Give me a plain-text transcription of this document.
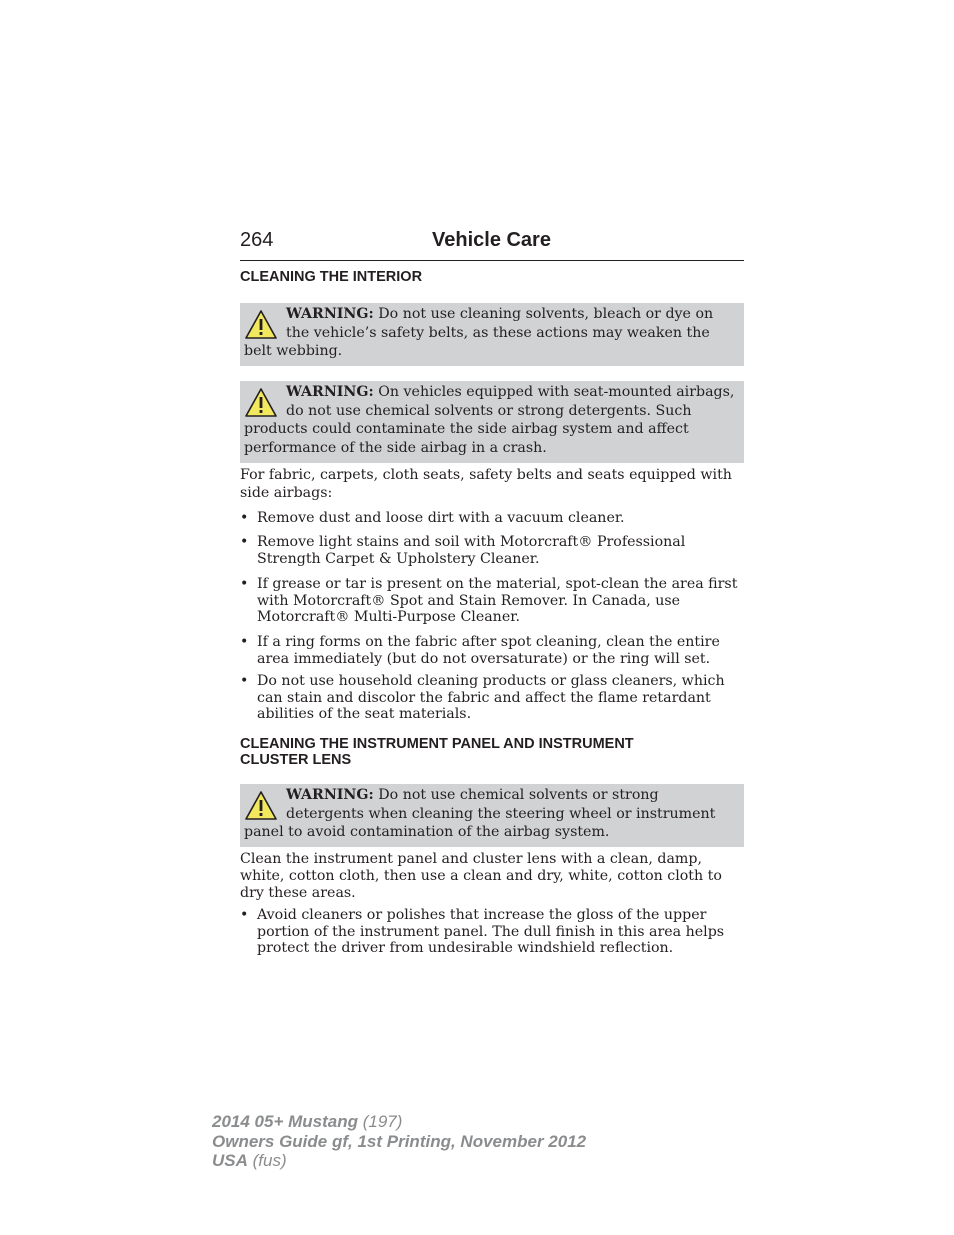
264	Vehicle Care
CLEANING THE INTERIOR
WARNING: Do not use cleaning solvents, bleach or dye on the vehicle’s safety belts, as these actions may weaken the belt webbing.
WARNING: On vehicles equipped with seat-mounted airbags, do not use chemical solvents or strong detergents. Such products could contaminate the side airbag system and affect performance of the side airbag in a crash.

For fabric, carpets, cloth seats, safety belts and seats equipped with side airbags:

• Remove dust and loose dirt with a vacuum cleaner.

• Remove light stains and soil with Motorcraft® Professional Strength Carpet & Upholstery Cleaner.

• If grease or tar is present on the material, spot-clean the area first with Motorcraft® Spot and Stain Remover. In Canada, use Motorcraft® Multi-Purpose Cleaner.

• If a ring forms on the fabric after spot cleaning, clean the entire area immediately (but do not oversaturate) or the ring will set.

• Do not use household cleaning products or glass cleaners, which can stain and discolor the fabric and affect the flame retardant abilities of the seat materials.

CLEANING THE INSTRUMENT PANEL AND INSTRUMENT
CLUSTER LENS
WARNING: Do not use chemical solvents or strong detergents when cleaning the steering wheel or instrument panel to avoid contamination of the airbag system.

Clean the instrument panel and cluster lens with a clean, damp, white, cotton cloth, then use a clean and dry, white, cotton cloth to dry these areas.

• Avoid cleaners or polishes that increase the gloss of the upper portion of the instrument panel. The dull finish in this area helps protect the driver from undesirable windshield reflection.

2014 05+ Mustang (197)
Owners Guide gf, 1st Printing, November 2012
USA (fus)
